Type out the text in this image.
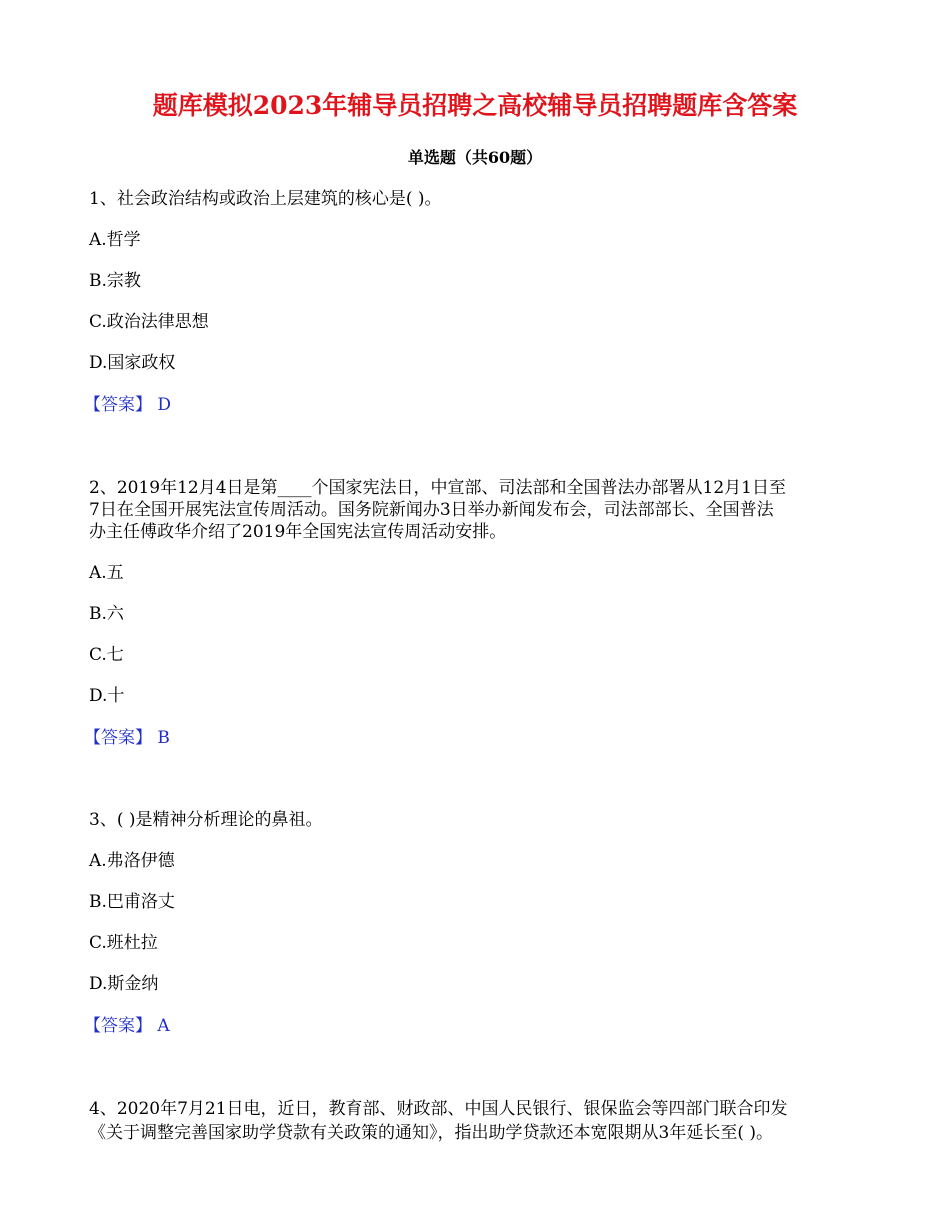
题库模拟2023年辅导员招聘之高校辅导员招聘题库含答案
单选题（共60题）
1、社会政治结构或政治上层建筑的核心是( )。
A.哲学
B.宗教
C.政治法律思想
D.国家政权
【答案】 D
2、2019年12月4日是第____个国家宪法日，中宣部、司法部和全国普法办部署从12月1日至
7日在全国开展宪法宣传周活动。国务院新闻办3日举办新闻发布会，司法部部长、全国普法
办主任傅政华介绍了2019年全国宪法宣传周活动安排。
A.五
B.六
C.七
D.十
【答案】 B
3、( )是精神分析理论的鼻祖。
A.弗洛伊德
B.巴甫洛丈
C.班杜拉
D.斯金纳
【答案】 A
4、2020年7月21日电，近日，教育部、财政部、中国人民银行、银保监会等四部门联合印发
《关于调整完善国家助学贷款有关政策的通知》，指出助学贷款还本宽限期从3年延长至( )。
